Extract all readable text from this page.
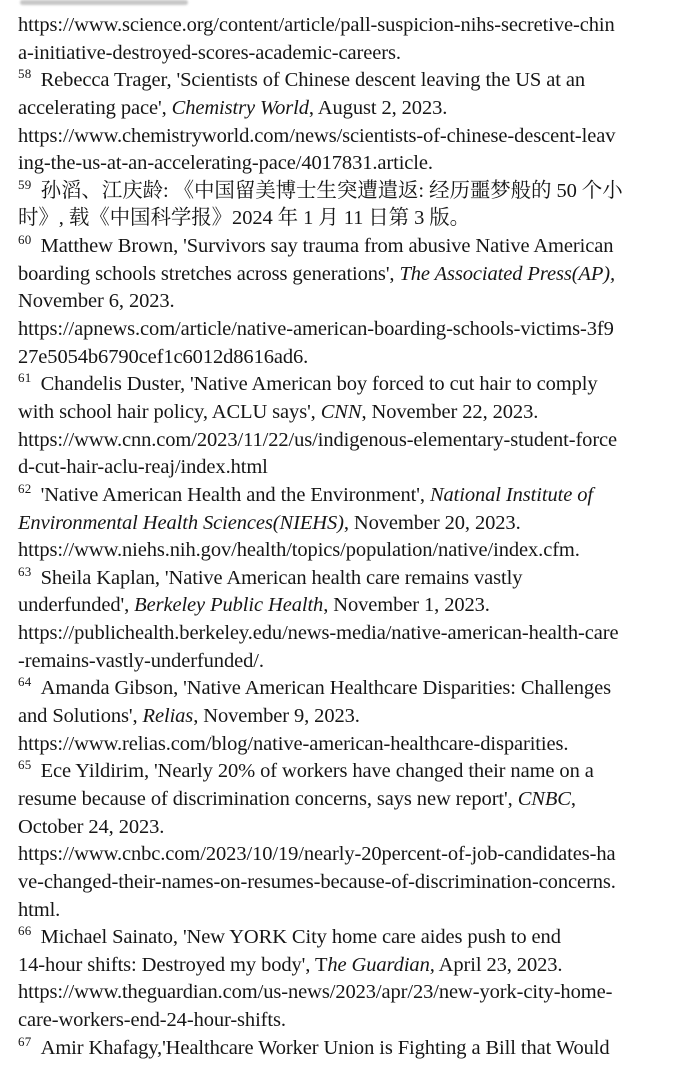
https://www.science.org/content/article/pall-suspicion-nihs-secretive-chin
a-initiative-destroyed-scores-academic-careers.
$^{58}$ Rebecca Trager, 'Scientists of Chinese descent leaving the US at an
accelerating pace', Chemistry World, August 2, 2023.
https://www.chemistryworld.com/news/scientists-of-chinese-descent-leav
ing-the-us-at-an-accelerating-pace/4017831.article.
$^{59}$ 孙滔、江庆龄: 《中国留美博士生突遭遣返: 经历噩梦般的 50 个小
时》, 载《中国科学报》2024 年 1 月 11 日第 3 版。
$^{60}$ Matthew Brown, 'Survivors say trauma from abusive Native American
boarding schools stretches across generations', The Associated Press(AP),
November 6, 2023.
https://apnews.com/article/native-american-boarding-schools-victims-3f9
27e5054b6790cef1c6012d8616ad6.
$^{61}$ Chandelis Duster, 'Native American boy forced to cut hair to comply
with school hair policy, ACLU says', CNN, November 22, 2023.
https://www.cnn.com/2023/11/22/us/indigenous-elementary-student-force
d-cut-hair-aclu-reaj/index.html
$^{62}$ 'Native American Health and the Environment', National Institute of
Environmental Health Sciences(NIEHS), November 20, 2023.
https://www.niehs.nih.gov/health/topics/population/native/index.cfm.
$^{63}$ Sheila Kaplan, 'Native American health care remains vastly
underfunded', Berkeley Public Health, November 1, 2023.
https://publichealth.berkeley.edu/news-media/native-american-health-care
-remains-vastly-underfunded/.
$^{64}$ Amanda Gibson, 'Native American Healthcare Disparities: Challenges
and Solutions', Relias, November 9, 2023.
https://www.relias.com/blog/native-american-healthcare-disparities.
$^{65}$ Ece Yildirim, 'Nearly 20% of workers have changed their name on a
resume because of discrimination concerns, says new report', CNBC,
October 24, 2023.
https://www.cnbc.com/2023/10/19/nearly-20percent-of-job-candidates-ha
ve-changed-their-names-on-resumes-because-of-discrimination-concerns.
html.
$^{66}$ Michael Sainato, 'New YORK City home care aides push to end
14-hour shifts: Destroyed my body', The Guardian, April 23, 2023.
https://www.theguardian.com/us-news/2023/apr/23/new-york-city-home-
care-workers-end-24-hour-shifts.
$^{67}$ Amir Khafagy,'Healthcare Worker Union is Fighting a Bill that Would
